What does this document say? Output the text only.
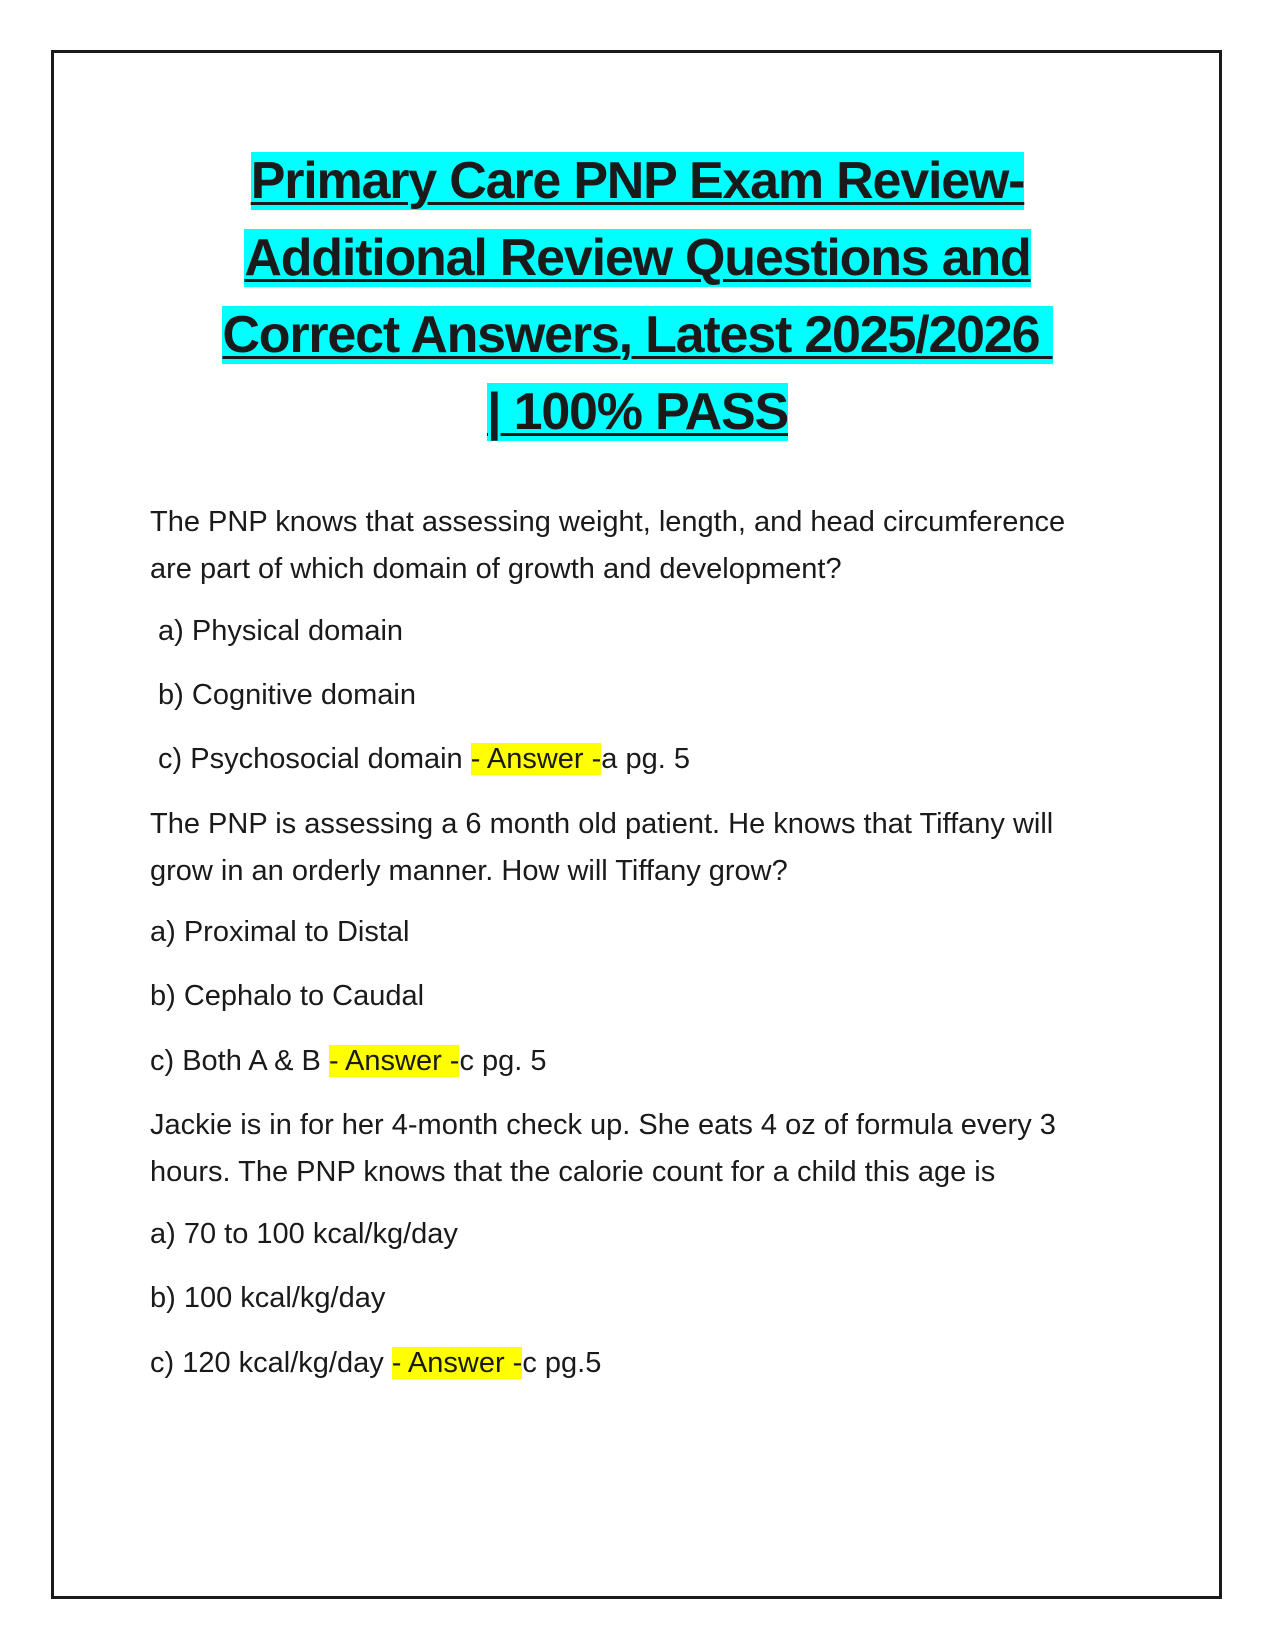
Primary Care PNP Exam Review-
Additional Review Questions and
Correct Answers, Latest 2025/2026
| 100% PASS
The PNP knows that assessing weight, length, and head circumference
are part of which domain of growth and development?
a) Physical domain
b) Cognitive domain
c) Psychosocial domain - Answer -a pg. 5
The PNP is assessing a 6 month old patient. He knows that Tiffany will
grow in an orderly manner. How will Tiffany grow?
a) Proximal to Distal
b) Cephalo to Caudal
c) Both A & B - Answer -c pg. 5
Jackie is in for her 4-month check up. She eats 4 oz of formula every 3
hours. The PNP knows that the calorie count for a child this age is
a) 70 to 100 kcal/kg/day
b) 100 kcal/kg/day
c) 120 kcal/kg/day - Answer -c pg.5
